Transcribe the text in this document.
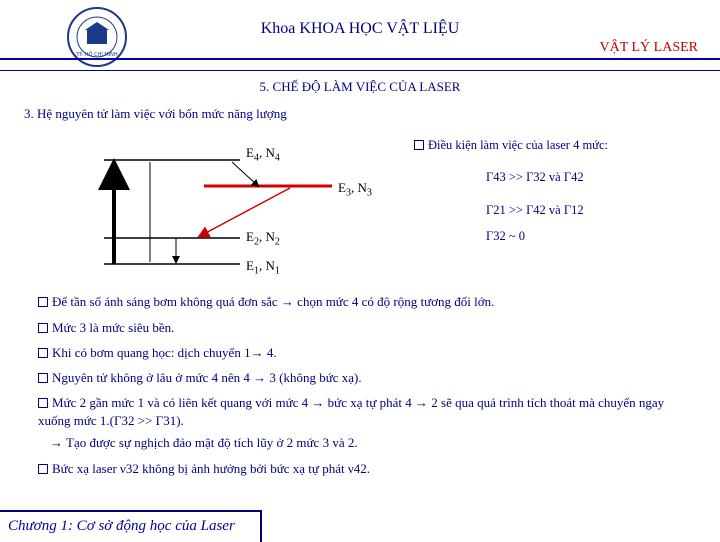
TP. HỒ CHÍ MINH
Khoa KHOA HỌC VẬT LIỆU
VẬT LÝ LASER
5. CHẾ ĐỘ LÀM VIỆC CỦA LASER
3. Hệ nguyên tử làm việc với bốn mức năng lượng
$E_4$, $N_4$
$E_3$, $N_3$
$E_2$, $N_2$
$E_1$, $N_1$
Điều kiện làm việc của laser 4 mức:
Γ43 >> Γ32 và Γ42
Γ21 >> Γ42 và Γ12
Γ32 ~ 0
Để tần số ánh sáng bơm không quá đơn sắc → chọn mức 4 có độ rộng tương đối lớn.
Mức 3 là mức siêu bền.
Khi có bơm quang học: dịch chuyển 1→ 4.
Nguyên tử không ở lâu ở mức 4 nên 4 → 3 (không bức xạ).
Mức 2 gần mức 1 và có liên kết quang với mức 4 → bức xạ tự phát 4 → 2 sẽ qua quá trình tích thoát mà chuyển ngay xuống mức 1.(Γ32 >> Γ31).
→ Tạo được sự nghịch đảo mật độ tích lũy ở 2 mức 3 và 2.
Bức xạ laser ν32 không bị ảnh hưởng bởi bức xạ tự phát ν42.
Chương 1: Cơ sở động học của Laser
